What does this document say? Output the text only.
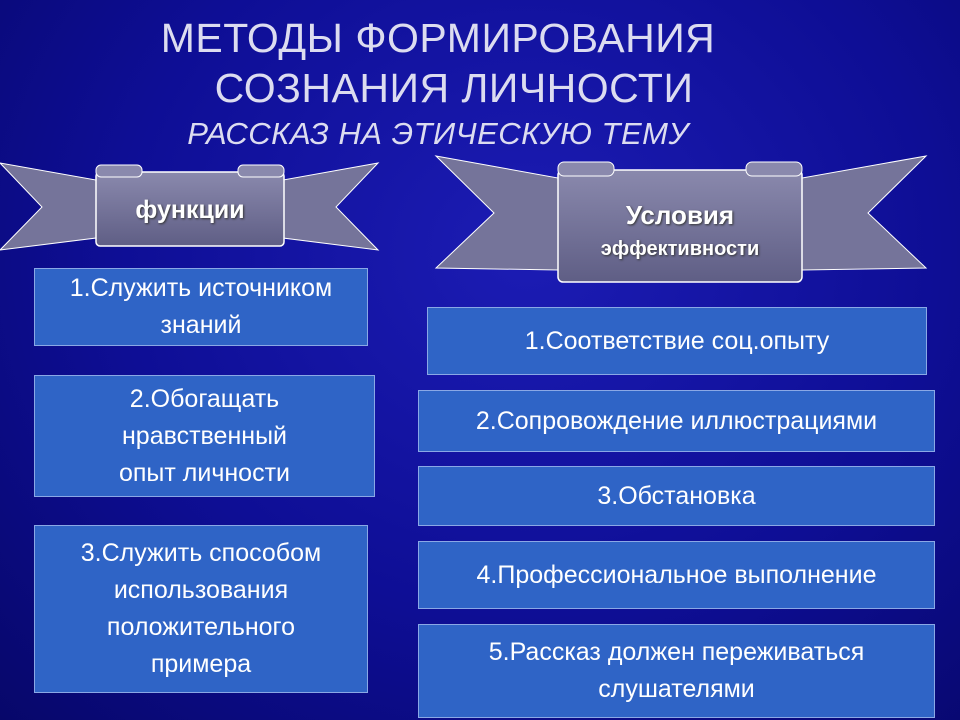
МЕТОДЫ ФОРМИРОВАНИЯ
СОЗНАНИЯ ЛИЧНОСТИ
РАССКАЗ НА ЭТИЧЕСКУЮ ТЕМУ
функции	Условия
эффективности
1.Служить источником
знаний
2.Обогащать
нравственный
опыт личности
3.Служить способом
использования
положительного
примера
1.Соответствие соц.опыту
2.Сопровождение иллюстрациями
3.Обстановка
4.Профессиональное выполнение
5.Рассказ должен переживаться
слушателями
